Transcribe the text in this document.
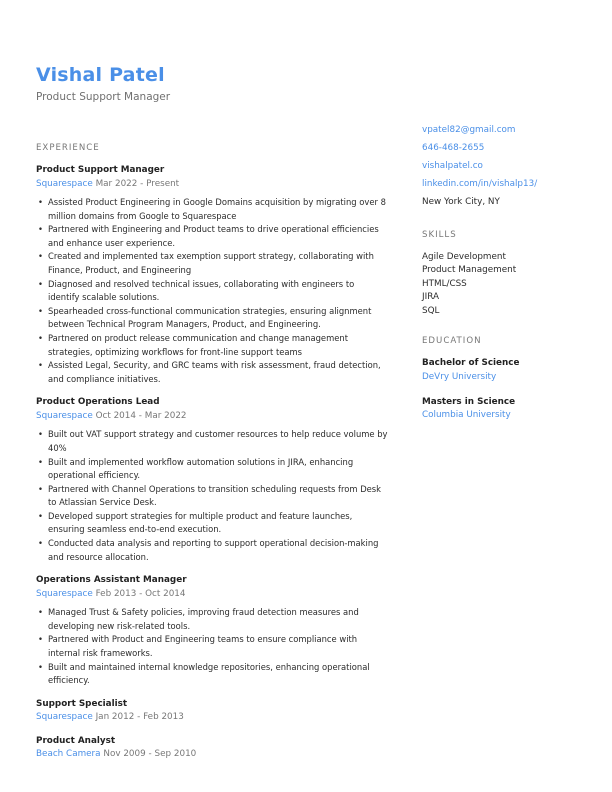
Vishal Patel
Product Support Manager
EXPERIENCE
Product Support Manager
Squarespace Mar 2022 - Present
• Assisted Product Engineering in Google Domains acquisition by migrating over 8 million domains from Google to Squarespace
• Partnered with Engineering and Product teams to drive operational efficiencies and enhance user experience.
• Created and implemented tax exemption support strategy, collaborating with Finance, Product, and Engineering
• Diagnosed and resolved technical issues, collaborating with engineers to identify scalable solutions.
• Spearheaded cross-functional communication strategies, ensuring alignment between Technical Program Managers, Product, and Engineering.
• Partnered on product release communication and change management strategies, optimizing workflows for front-line support teams
• Assisted Legal, Security, and GRC teams with risk assessment, fraud detection, and compliance initiatives.
Product Operations Lead
Squarespace Oct 2014 - Mar 2022
• Built out VAT support strategy and customer resources to help reduce volume by 40%
• Built and implemented workflow automation solutions in JIRA, enhancing operational efficiency.
• Partnered with Channel Operations to transition scheduling requests from Desk to Atlassian Service Desk.
• Developed support strategies for multiple product and feature launches, ensuring seamless end-to-end execution.
• Conducted data analysis and reporting to support operational decision-making and resource allocation.
Operations Assistant Manager
Squarespace Feb 2013 - Oct 2014
• Managed Trust & Safety policies, improving fraud detection measures and developing new risk-related tools.
• Partnered with Product and Engineering teams to ensure compliance with internal risk frameworks.
• Built and maintained internal knowledge repositories, enhancing operational efficiency.
Support Specialist
Squarespace Jan 2012 - Feb 2013
Product Analyst
Beach Camera Nov 2009 - Sep 2010
vpatel82@gmail.com
646-468-2655
vishalpatel.co
linkedin.com/in/vishalp13/
New York City, NY
SKILLS
Agile Development
Product Management
HTML/CSS
JIRA
SQL
EDUCATION
Bachelor of Science
DeVry University
Masters in Science
Columbia University
